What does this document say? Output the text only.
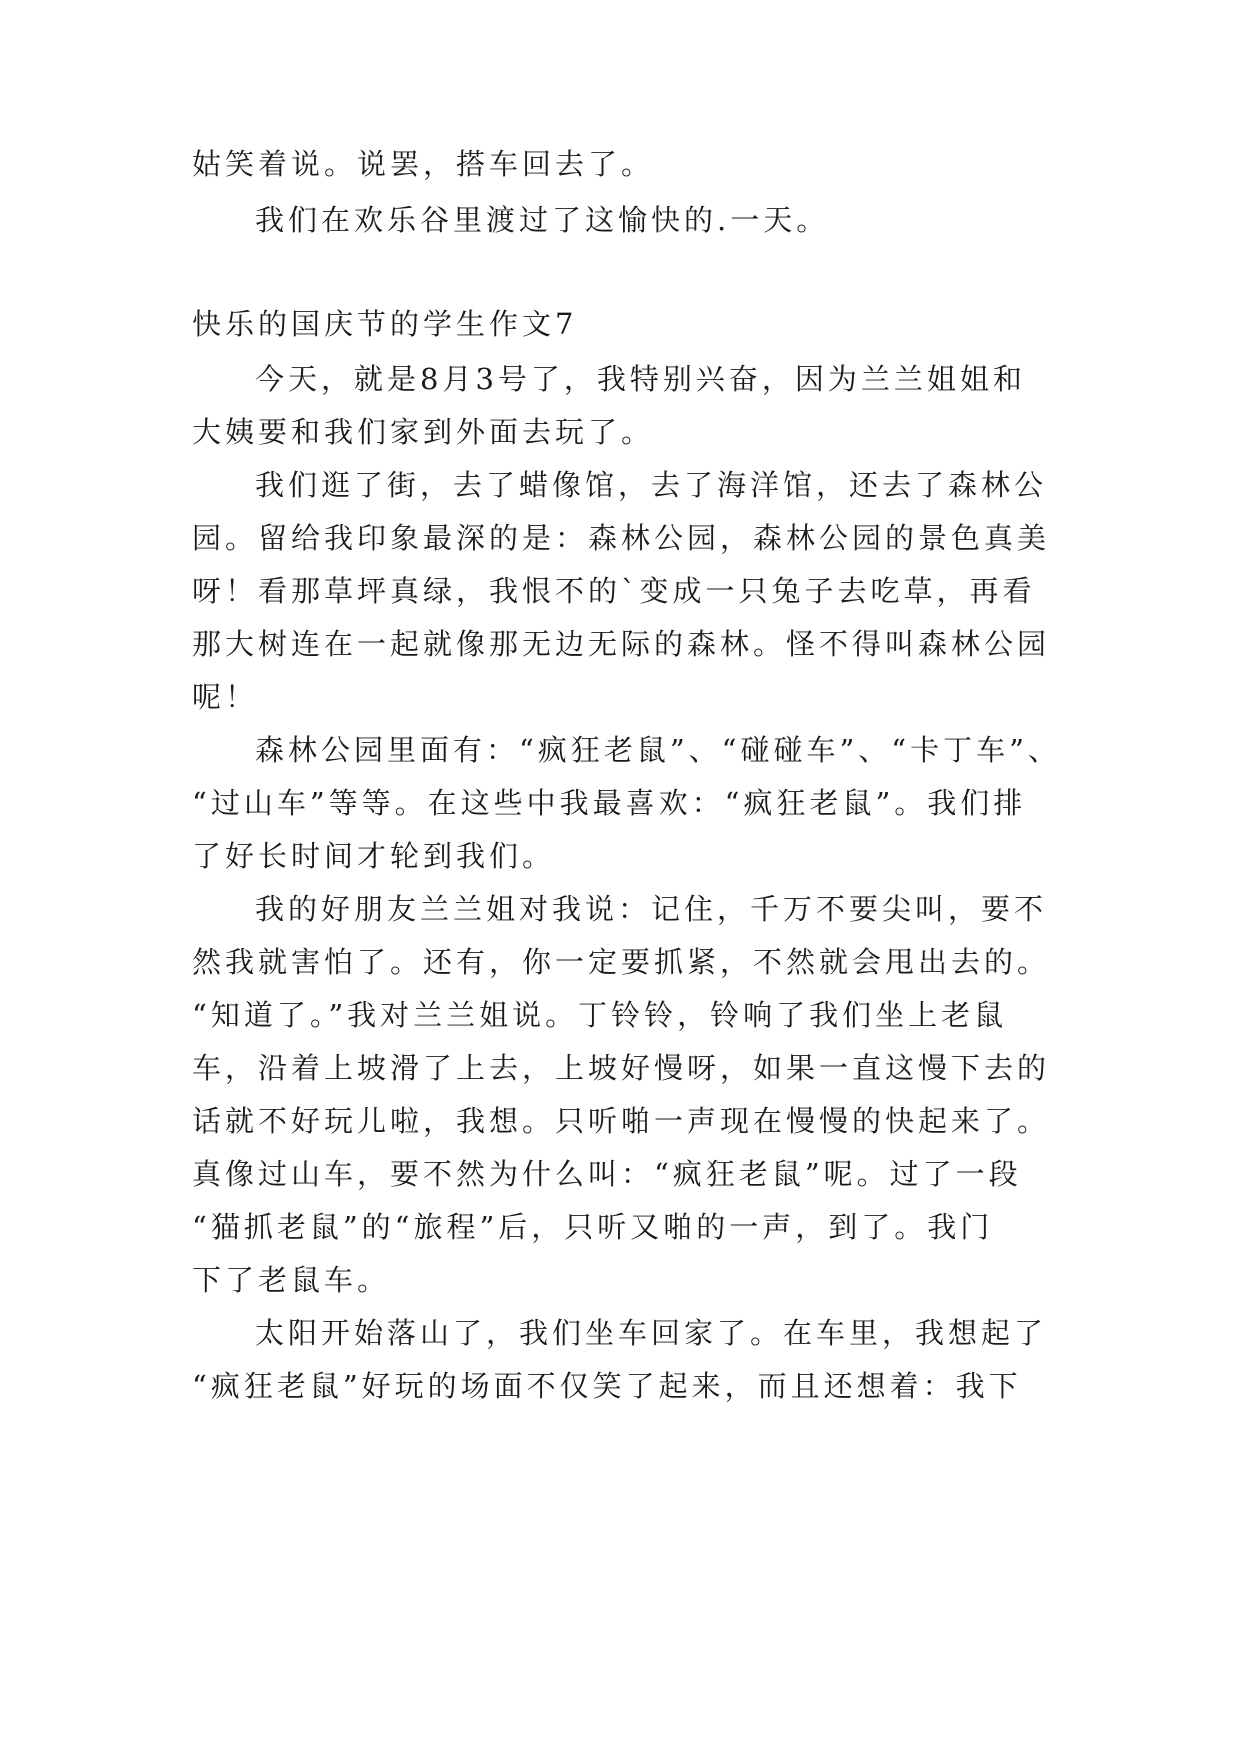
姑笑着说。说罢，搭车回去了。
我们在欢乐谷里渡过了这愉快的.一天。
快乐的国庆节的学生作文7
今天，就是8月3号了，我特别兴奋，因为兰兰姐姐和
大姨要和我们家到外面去玩了。
我们逛了街，去了蜡像馆，去了海洋馆，还去了森林公
园。留给我印象最深的是：森林公园，森林公园的景色真美
呀！看那草坪真绿，我恨不的`变成一只兔子去吃草，再看
那大树连在一起就像那无边无际的森林。怪不得叫森林公园
呢！
森林公园里面有：“疯狂老鼠”、“碰碰车”、“卡丁车”、
“过山车”等等。在这些中我最喜欢：“疯狂老鼠”。我们排
了好长时间才轮到我们。
我的好朋友兰兰姐对我说：记住，千万不要尖叫，要不
然我就害怕了。还有，你一定要抓紧，不然就会甩出去的。
“知道了。”我对兰兰姐说。丁铃铃，铃响了我们坐上老鼠
车，沿着上坡滑了上去，上坡好慢呀，如果一直这慢下去的
话就不好玩儿啦，我想。只听啪一声现在慢慢的快起来了。
真像过山车，要不然为什么叫：“疯狂老鼠”呢。过了一段
“猫抓老鼠”的“旅程”后，只听又啪的一声，到了。我门
下了老鼠车。
太阳开始落山了，我们坐车回家了。在车里，我想起了
“疯狂老鼠”好玩的场面不仅笑了起来，而且还想着：我下
